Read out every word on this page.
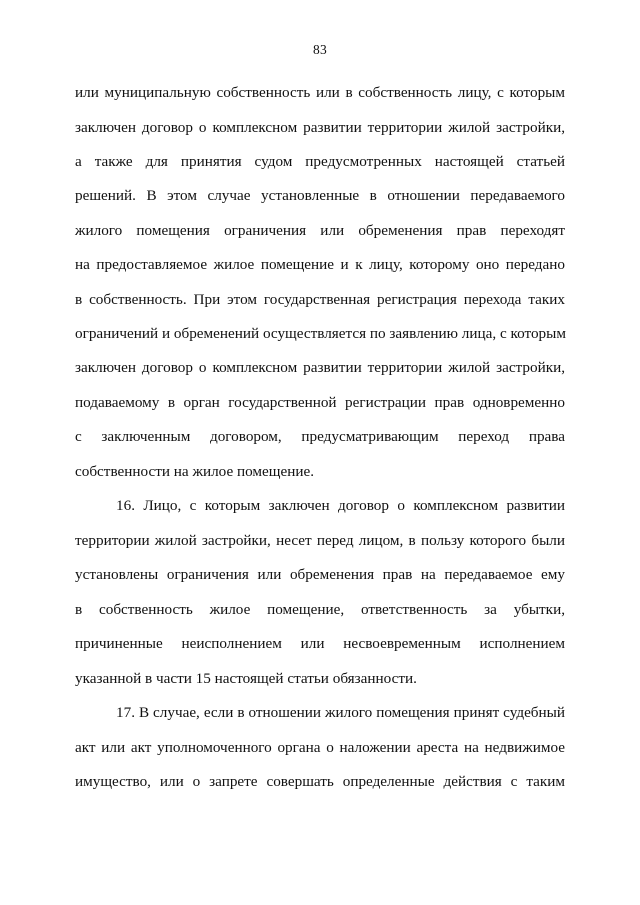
83
или муниципальную собственность или в собственность лицу, с которым
заключен договор о комплексном развитии территории жилой застройки,
а также для принятия судом предусмотренных настоящей статьей
решений. В этом случае установленные в отношении передаваемого
жилого помещения ограничения или обременения прав переходят
на предоставляемое жилое помещение и к лицу, которому оно передано
в собственность. При этом государственная регистрация перехода таких
ограничений и обременений осуществляется по заявлению лица, с которым
заключен договор о комплексном развитии территории жилой застройки,
подаваемому в орган государственной регистрации прав одновременно
с заключенным договором, предусматривающим переход права
собственности на жилое помещение.
16. Лицо, с которым заключен договор о комплексном развитии
территории жилой застройки, несет перед лицом, в пользу которого были
установлены ограничения или обременения прав на передаваемое ему
в собственность жилое помещение, ответственность за убытки,
причиненные неисполнением или несвоевременным исполнением
указанной в части 15 настоящей статьи обязанности.
17. В случае, если в отношении жилого помещения принят судебный
акт или акт уполномоченного органа о наложении ареста на недвижимое
имущество, или о запрете совершать определенные действия с таким
